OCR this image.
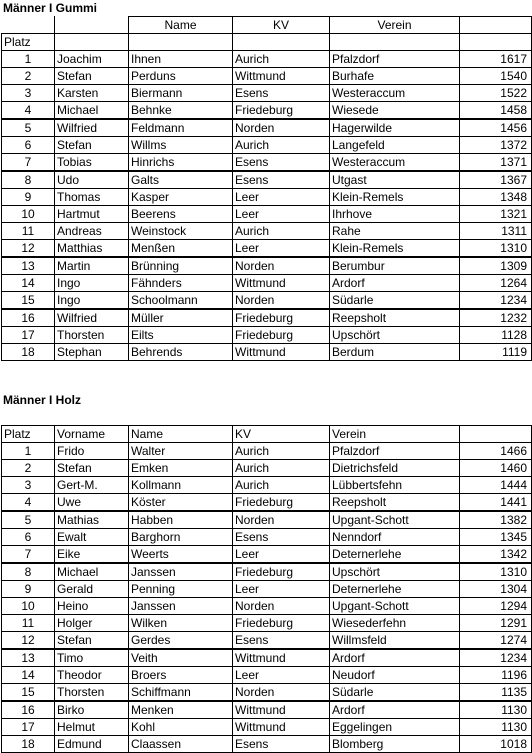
Männer I Gummi
		Name	KV	Verein	
Platz					
1	Joachim	Ihnen	Aurich	Pfalzdorf	1617
2	Stefan	Perduns	Wittmund	Burhafe	1540
3	Karsten	Biermann	Esens	Westeraccum	1522
4	Michael	Behnke	Friedeburg	Wiesede	1458
5	Wilfried	Feldmann	Norden	Hagerwilde	1456
6	Stefan	Willms	Aurich	Langefeld	1372
7	Tobias	Hinrichs	Esens	Westeraccum	1371
8	Udo	Galts	Esens	Utgast	1367
9	Thomas	Kasper	Leer	Klein-Remels	1348
10	Hartmut	Beerens	Leer	Ihrhove	1321
11	Andreas	Weinstock	Aurich	Rahe	1311
12	Matthias	Menßen	Leer	Klein-Remels	1310
13	Martin	Brünning	Norden	Berumbur	1309
14	Ingo	Fähnders	Wittmund	Ardorf	1264
15	Ingo	Schoolmann	Norden	Südarle	1234
16	Wilfried	Müller	Friedeburg	Reepsholt	1232
17	Thorsten	Eilts	Friedeburg	Upschört	1128
18	Stephan	Behrends	Wittmund	Berdum	1119
Männer I Holz
Platz	Vorname	Name	KV	Verein	
1	Frido	Walter	Aurich	Pfalzdorf	1466
2	Stefan	Emken	Aurich	Dietrichsfeld	1460
3	Gert-M.	Kollmann	Aurich	Lübbertsfehn	1444
4	Uwe	Köster	Friedeburg	Reepsholt	1441
5	Mathias	Habben	Norden	Upgant-Schott	1382
6	Ewalt	Barghorn	Esens	Nenndorf	1345
7	Eike	Weerts	Leer	Deternerlehe	1342
8	Michael	Janssen	Friedeburg	Upschört	1310
9	Gerald	Penning	Leer	Deternerlehe	1304
10	Heino	Janssen	Norden	Upgant-Schott	1294
11	Holger	Wilken	Friedeburg	Wiesederfehn	1291
12	Stefan	Gerdes	Esens	Willmsfeld	1274
13	Timo	Veith	Wittmund	Ardorf	1234
14	Theodor	Broers	Leer	Neudorf	1196
15	Thorsten	Schiffmann	Norden	Südarle	1135
16	Birko	Menken	Wittmund	Ardorf	1130
17	Helmut	Kohl	Wittmund	Eggelingen	1130
18	Edmund	Claassen	Esens	Blomberg	1018
